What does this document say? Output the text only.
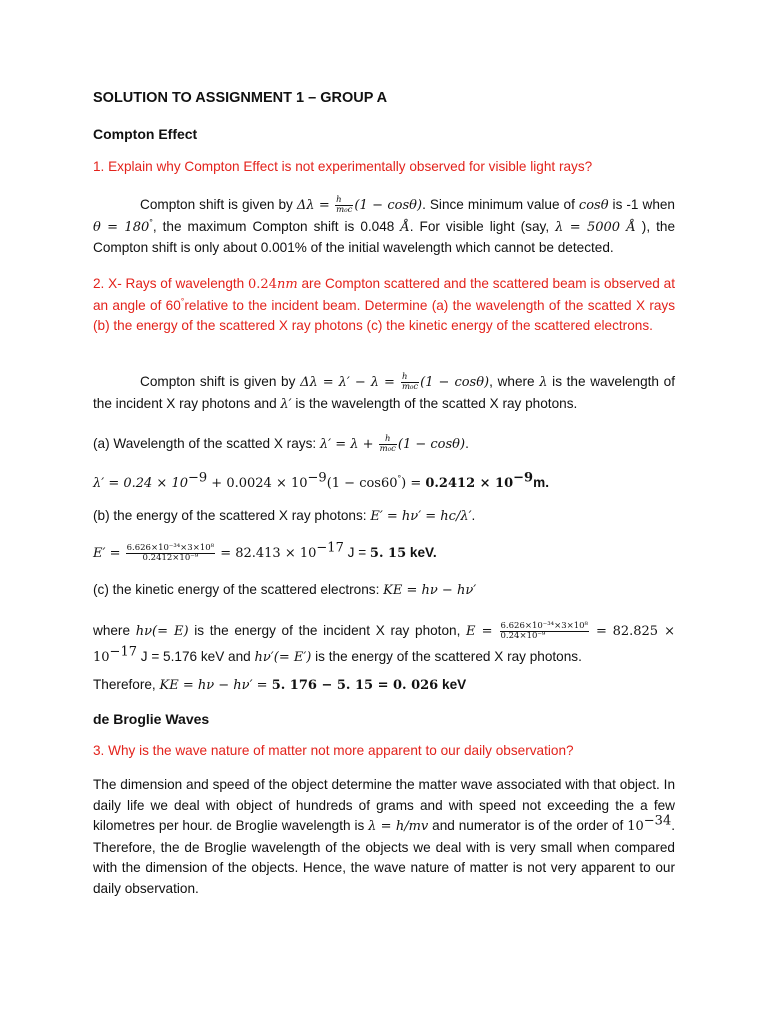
SOLUTION TO ASSIGNMENT 1 – GROUP A
Compton Effect
1. Explain why Compton Effect is not experimentally observed for visible light rays?
Compton shift is given by $\Delta\lambda = \frac{h}{\text{m₀c}} (1 - \cos\theta)$. Since minimum value of cosθ is -1 when θ = 180°, the maximum Compton shift is 0.048 Å. For visible light (say, λ = 5000 Å ), the Compton shift is only about 0.001% of the initial wavelength which cannot be detected.
2. X- Rays of wavelength 0.24nm are Compton scattered and the scattered beam is observed at an angle of 60°relative to the incident beam. Determine (a) the wavelength of the scatted X rays (b) the energy of the scattered X ray photons (c) the kinetic energy of the scattered electrons.
Compton shift is given by $\Delta\lambda = \lambda' - \lambda = \frac{h}{\text{m₀c}} (1 - \cos\theta)$, where λ is the wavelength of the incident X ray photons and λ′ is the wavelength of the scatted X ray photons.
(a) Wavelength of the scatted X rays: $\lambda' = \lambda + \frac{h}{\text{m₀c}} (1 - \cos\theta)$.
$\lambda' = 0.24 \times 10^{-9} + 0.0024 \times 10^{-9}(1 - \cos 60^\circ) = 0.2412 \times 10^{-9}m$.
(b) the energy of the scattered X ray photons: E′ = hν′ = hc/λ′.
$E' = \frac{\text{6.626×10⁻³⁴×3×10⁸}}{\text{0.2412×10⁻⁹}} = 82.413 \times 10^{-17}$ J = 5. 15 keV.
(c) the kinetic energy of the scattered electrons: KE = hν − hν′
where hν(= E) is the energy of the incident X ray photon, $E = \frac{\text{6.626×10⁻³⁴×3×10⁸}}{\text{0.24×10⁻⁹}} = 82.825 \times 10^{-17}$ J = 5.176 keV and hν′(= E′) is the energy of the scattered X ray photons.
Therefore, KE = hν − hν′ = 5. 176 − 5. 15 = 0. 026 keV
de Broglie Waves
3. Why is the wave nature of matter not more apparent to our daily observation?
The dimension and speed of the object determine the matter wave associated with that object. In daily life we deal with object of hundreds of grams and with speed not exceeding the a few kilometres per hour. de Broglie wavelength is λ = h/mv and numerator is of the order of $10^{-34}$. Therefore, the de Broglie wavelength of the objects we deal with is very small when compared with the dimension of the objects. Hence, the wave nature of matter is not very apparent to our daily observation.
